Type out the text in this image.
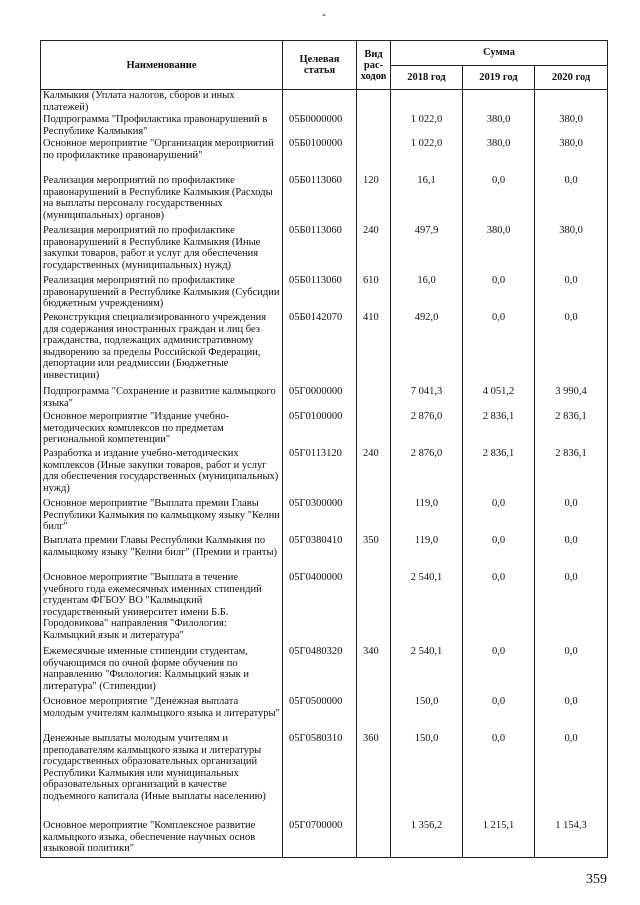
-
Наименование	Целевая статья	Вид рас-ходов	Сумма		
			2018 год	2019 год	2020 год
Калмыкия (Уплата налогов, сборов и иных платежей)					
Подпрограмма "Профилактика правонарушений в Республике Калмыкия"	05Б0000000		1 022,0	380,0	380,0
Основное мероприятие "Организация мероприятий по профилактике правонарушений"	05Б0100000		1 022,0	380,0	380,0
Реализация мероприятий по профилактике правонарушений в Республике Калмыкия (Расходы на выплаты персоналу государственных (муниципальных) органов)	05Б0113060	120	16,1	0,0	0,0
Реализация мероприятий по профилактике правонарушений в Республике Калмыкия (Иные закупки товаров, работ и услуг для обеспечения государственных (муниципальных) нужд)	05Б0113060	240	497,9	380,0	380,0
Реализация мероприятий по профилактике правонарушений в Республике Калмыкия (Субсидии бюджетным учреждениям)	05Б0113060	610	16,0	0,0	0,0
Реконструкция специализированного учреждения для содержания иностранных граждан и лиц без гражданства, подлежащих административному выдворению за пределы Российской Федерации, депортации или реадмиссии (Бюджетные инвестиции)	05Б0142070	410	492,0	0,0	0,0
Подпрограмма "Сохранение и развитие калмыцкого языка"	05Г0000000		7 041,3	4 051,2	3 990,4
Основное мероприятие "Издание учебно-методических комплексов по предметам региональной компетенции"	05Г0100000		2 876,0	2 836,1	2 836,1
Разработка и издание учебно-методических комплексов (Иные закупки товаров, работ и услуг для обеспечения государственных (муниципальных) нужд)	05Г0113120	240	2 876,0	2 836,1	2 836,1
Основное мероприятие "Выплата премии Главы Республики Калмыкия по калмыцкому языку "Келни билг"	05Г0300000		119,0	0,0	0,0
Выплата премии Главы Республики Калмыкия по калмыцкому языку "Келни билг" (Премии и гранты)	05Г0380410	350	119,0	0,0	0,0
Основное мероприятие "Выплата в течение учебного года ежемесячных именных стипендий студентам ФГБОУ ВО "Калмыцкий государственный университет имени Б.Б. Городовикова" направления "Филология: Калмыцкий язык и литература"	05Г0400000		2 540,1	0,0	0,0
Ежемесячные именные стипендии студентам, обучающимся по очной форме обучения по направлению "Филология: Калмыцкий язык и литература" (Стипендии)	05Г0480320	340	2 540,1	0,0	0,0
Основное мероприятие "Денежная выплата молодым учителям калмыцкого языка и литературы"	05Г0500000		150,0	0,0	0,0
Денежные выплаты молодым учителям и преподавателям калмыцкого языка и литературы государственных образовательных организаций Республики Калмыкия или муниципальных образовательных организаций в качестве подъемного капитала (Иные выплаты населению)	05Г0580310	360	150,0	0,0	0,0
Основное мероприятие "Комплексное развитие калмыцкого языка, обеспечение научных основ языковой политики"	05Г0700000		1 356,2	1 215,1	1 154,3
359
